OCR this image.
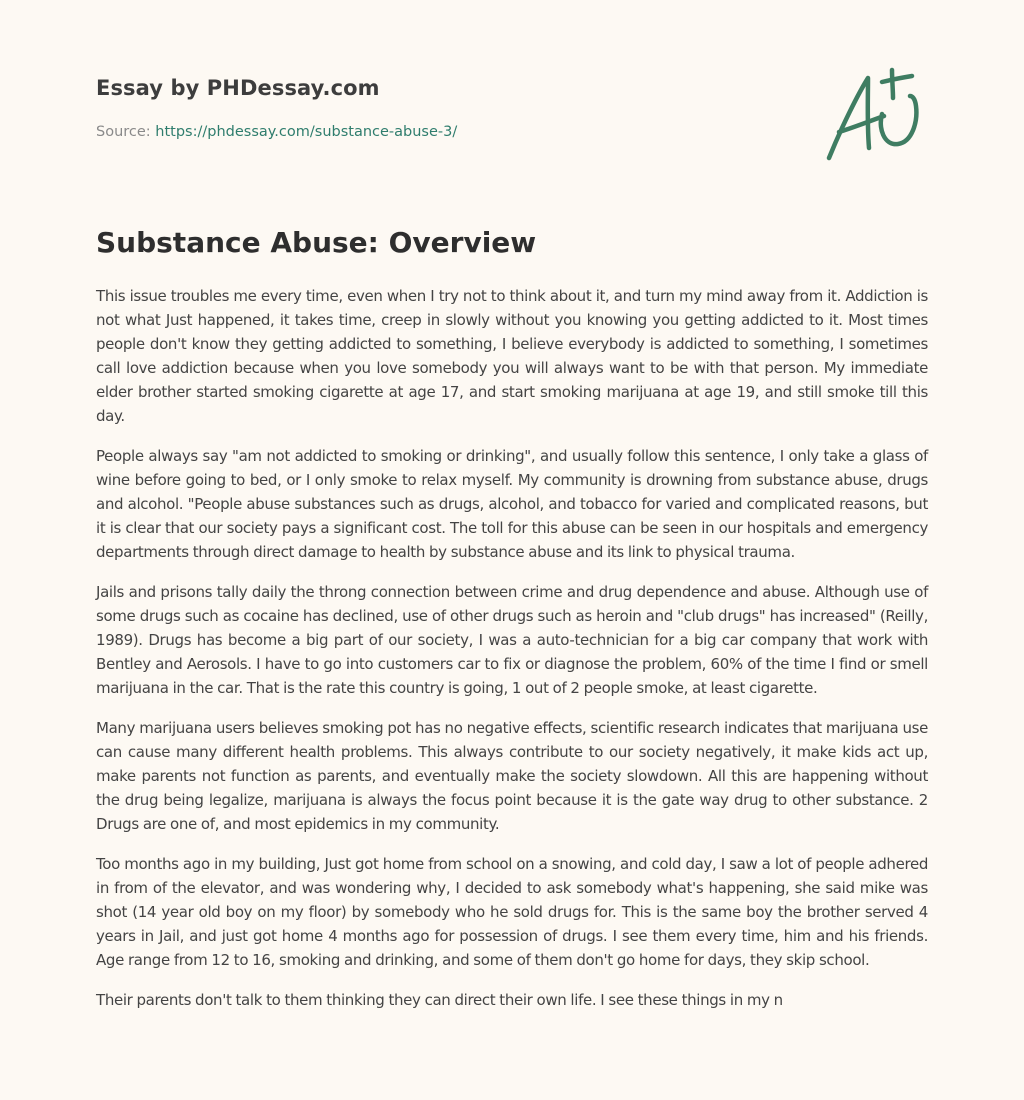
Essay by PHDessay.com
Source: https://phdessay.com/substance-abuse-3/
Substance Abuse: Overview

This issue troubles me every time, even when I try not to think about it, and turn my mind away from it. Addiction is not what Just happened, it takes time, creep in slowly without you knowing you getting addicted to it. Most times people don't know they getting addicted to something, I believe everybody is addicted to something, I sometimes call love addiction because when you love somebody you will always want to be with that person. My immediate elder brother started smoking cigarette at age 17, and start smoking marijuana at age 19, and still smoke till this day.

People always say "am not addicted to smoking or drinking", and usually follow this sentence, I only take a glass of wine before going to bed, or I only smoke to relax myself. My community is drowning from substance abuse, drugs and alcohol. "People abuse substances such as drugs, alcohol, and tobacco for varied and complicated reasons, but it is clear that our society pays a significant cost. The toll for this abuse can be seen in our hospitals and emergency departments through direct damage to health by substance abuse and its link to physical trauma.

Jails and prisons tally daily the throng connection between crime and drug dependence and abuse. Although use of some drugs such as cocaine has declined, use of other drugs such as heroin and "club drugs" has increased" (Reilly, 1989). Drugs has become a big part of our society, I was a auto-technician for a big car company that work with Bentley and Aerosols. I have to go into customers car to fix or diagnose the problem, 60% of the time I find or smell marijuana in the car. That is the rate this country is going, 1 out of 2 people smoke, at least cigarette.

Many marijuana users believes smoking pot has no negative effects, scientific research indicates that marijuana use can cause many different health problems. This always contribute to our society negatively, it make kids act up, make parents not function as parents, and eventually make the society slowdown. All this are happening without the drug being legalize, marijuana is always the focus point because it is the gate way drug to other substance. 2 Drugs are one of, and most epidemics in my community.

Too months ago in my building, Just got home from school on a snowing, and cold day, I saw a lot of people adhered in from of the elevator, and was wondering why, I decided to ask somebody what's happening, she said mike was shot (14 year old boy on my floor) by somebody who he sold drugs for. This is the same boy the brother served 4 years in Jail, and just got home 4 months ago for possession of drugs. I see them every time, him and his friends. Age range from 12 to 16, smoking and drinking, and some of them don't go home for days, they skip school.

Their parents don't talk to them thinking they can direct their own life. I see these things in my n
